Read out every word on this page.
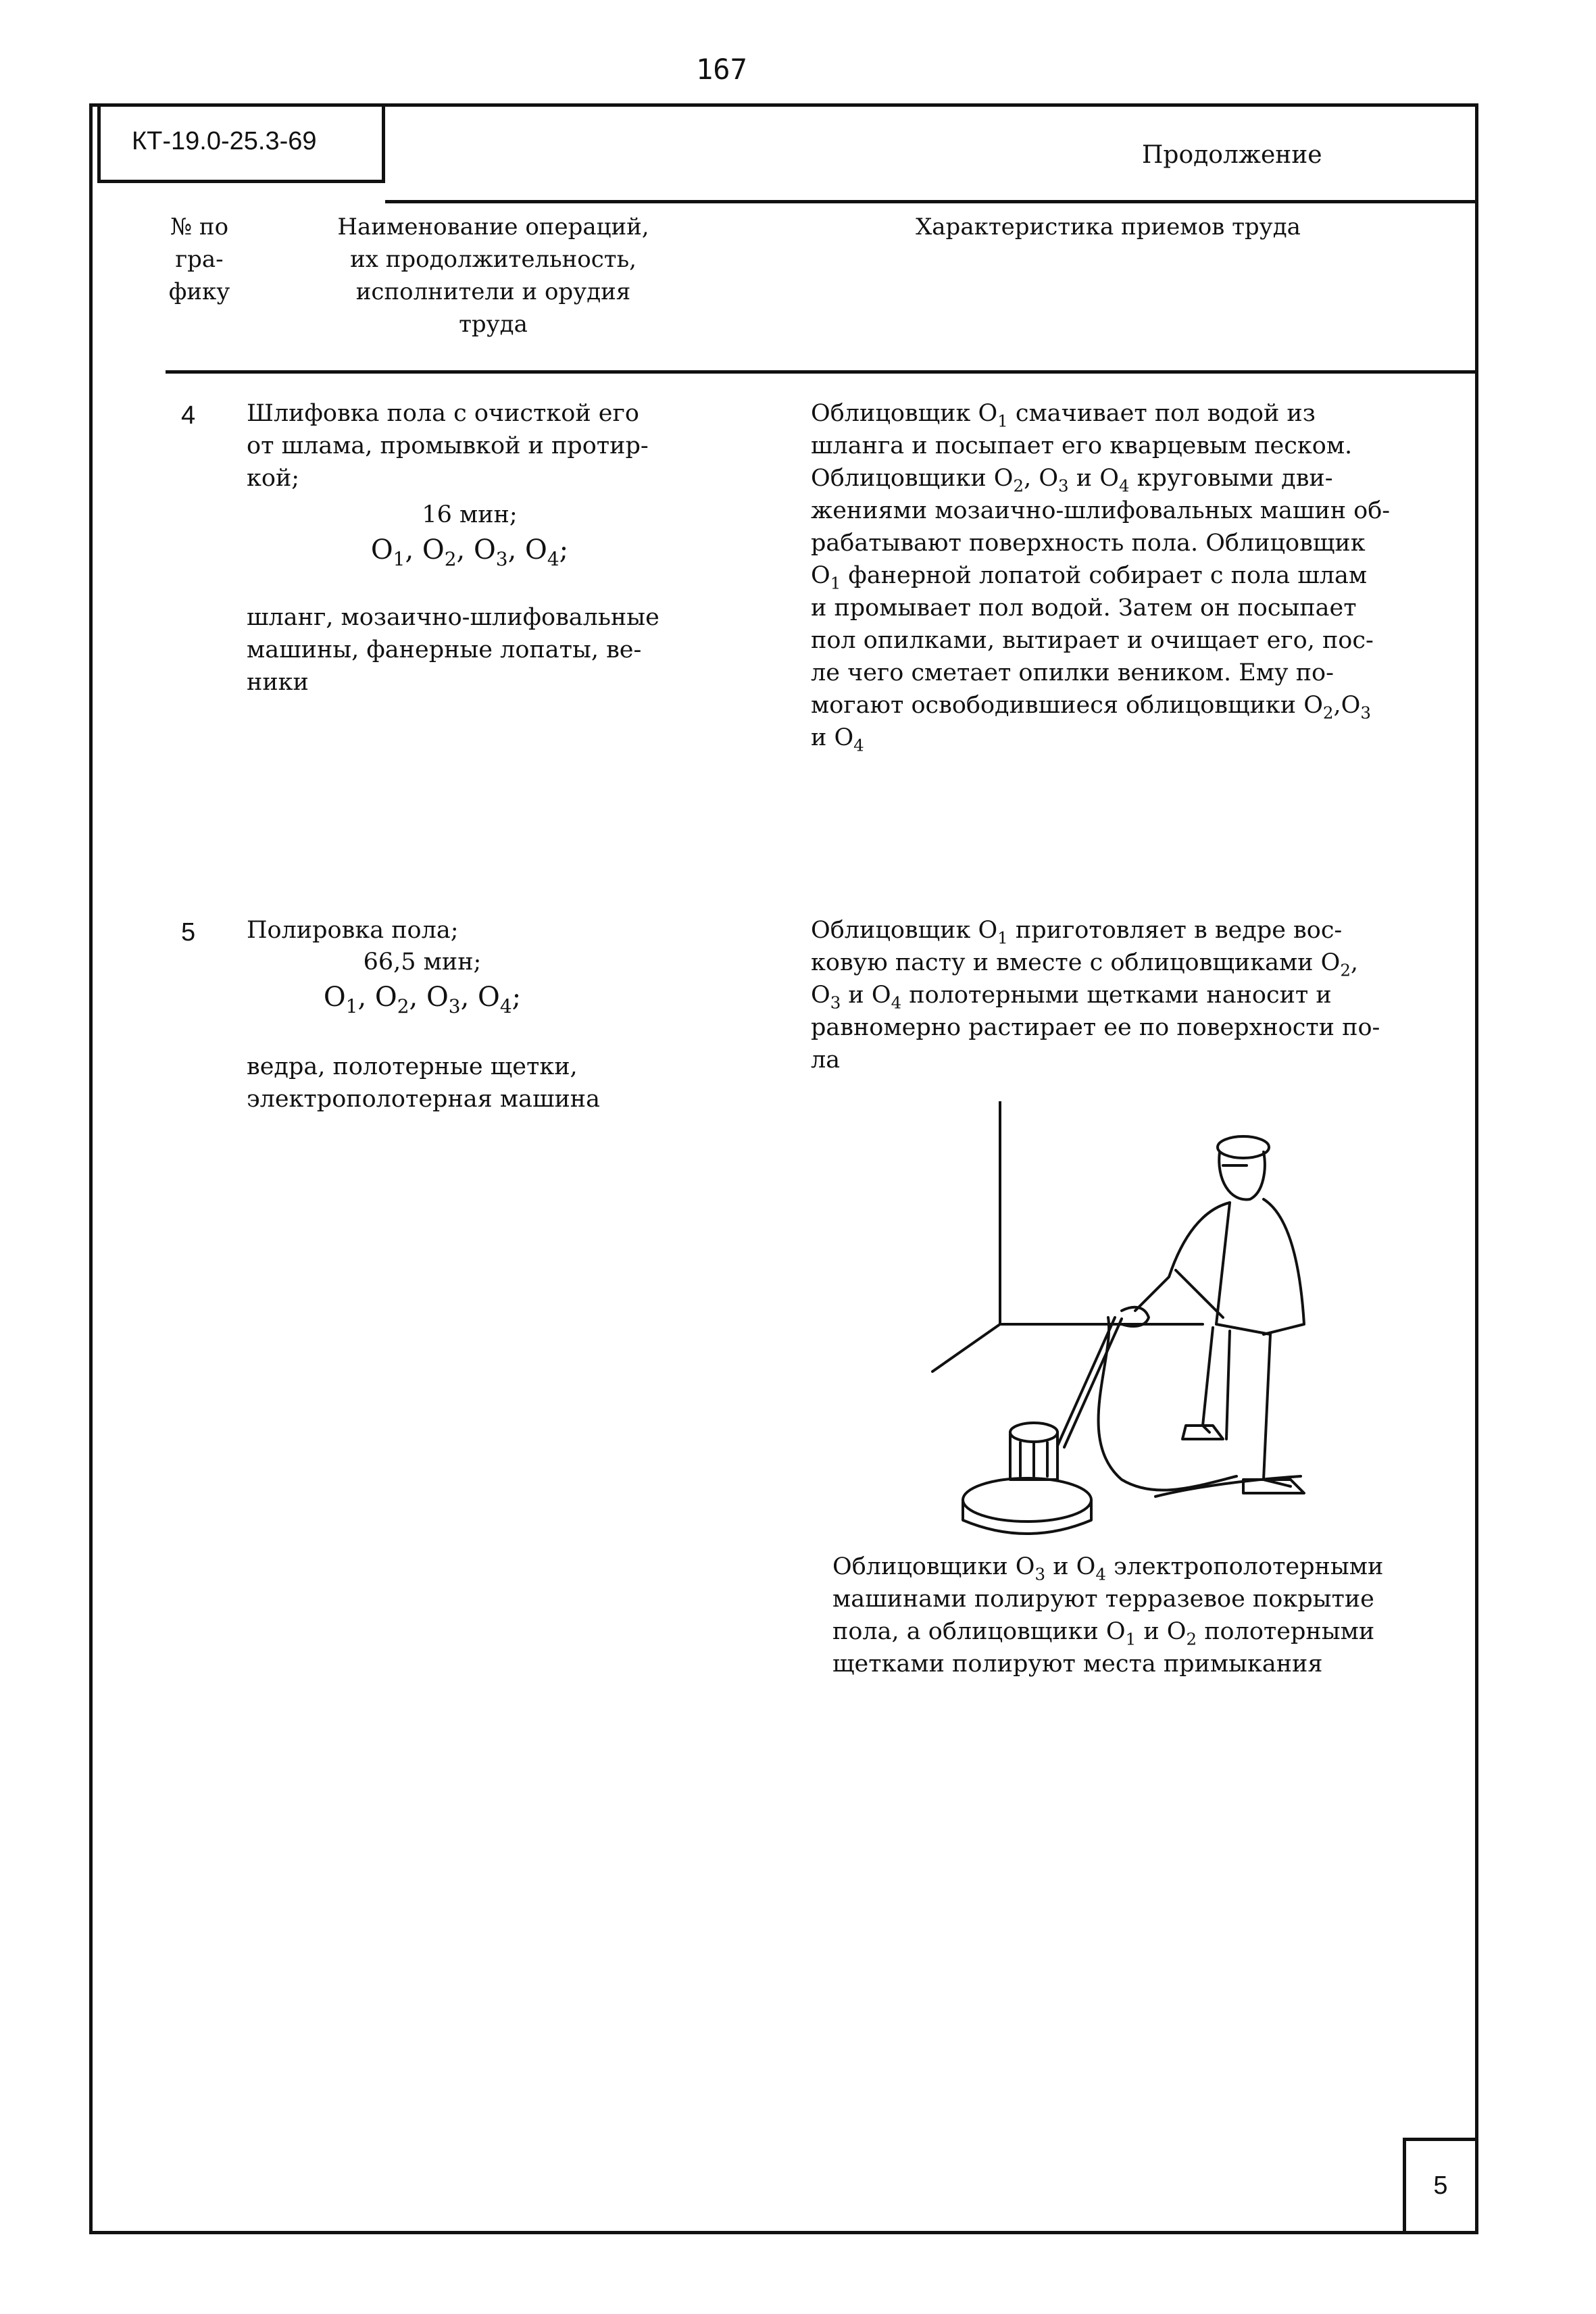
167
КТ-19.0-25.3-69	Продолжение
№ по
гра-
фику
Наименование операций,
их продолжительность,
исполнители и орудия
труда
Характеристика приемов труда
4 Шлифовка пола с очисткой его
от шлама, промывкой и протир-
кой;
16 мин;
$O_1$, $O_2$, $O_3$, $O_4$;
шланг, мозаично-шлифовальные
машины, фанерные лопаты, ве-
ники
Облицовщик $O_1$ смачивает пол водой из
шланга и посыпает его кварцевым песком.
Облицовщики $O_2$, $O_3$ и $O_4$ круговыми дви-
жениями мозаично-шлифовальных машин об-
рабатывают поверхность пола. Облицовщик
$O_1$ фанерной лопатой собирает с пола шлам
и промывает пол водой. Затем он посыпает
пол опилками, вытирает и очищает его, пос-
ле чего сметает опилки веником. Ему по-
могают освободившиеся облицовщики $O_2,O_3$
и $O_4$
5 Полировка пола;
66,5 мин;
$O_1$, $O_2$, $O_3$, $O_4$;
ведра, полотерные щетки,
электрополотерная машина
Облицовщик $O_1$ приготовляет в ведре вос-
ковую пасту и вместе с облицовщиками $O_2$,
$O_3$ и $O_4$ полотерными щетками наносит и
равномерно растирает ее по поверхности по-
ла
Облицовщики $O_3$ и $O_4$ электрополотерными
машинами полируют терразевое покрытие
пола, а облицовщики $O_1$ и $O_2$ полотерными
щетками полируют места примыкания
5
